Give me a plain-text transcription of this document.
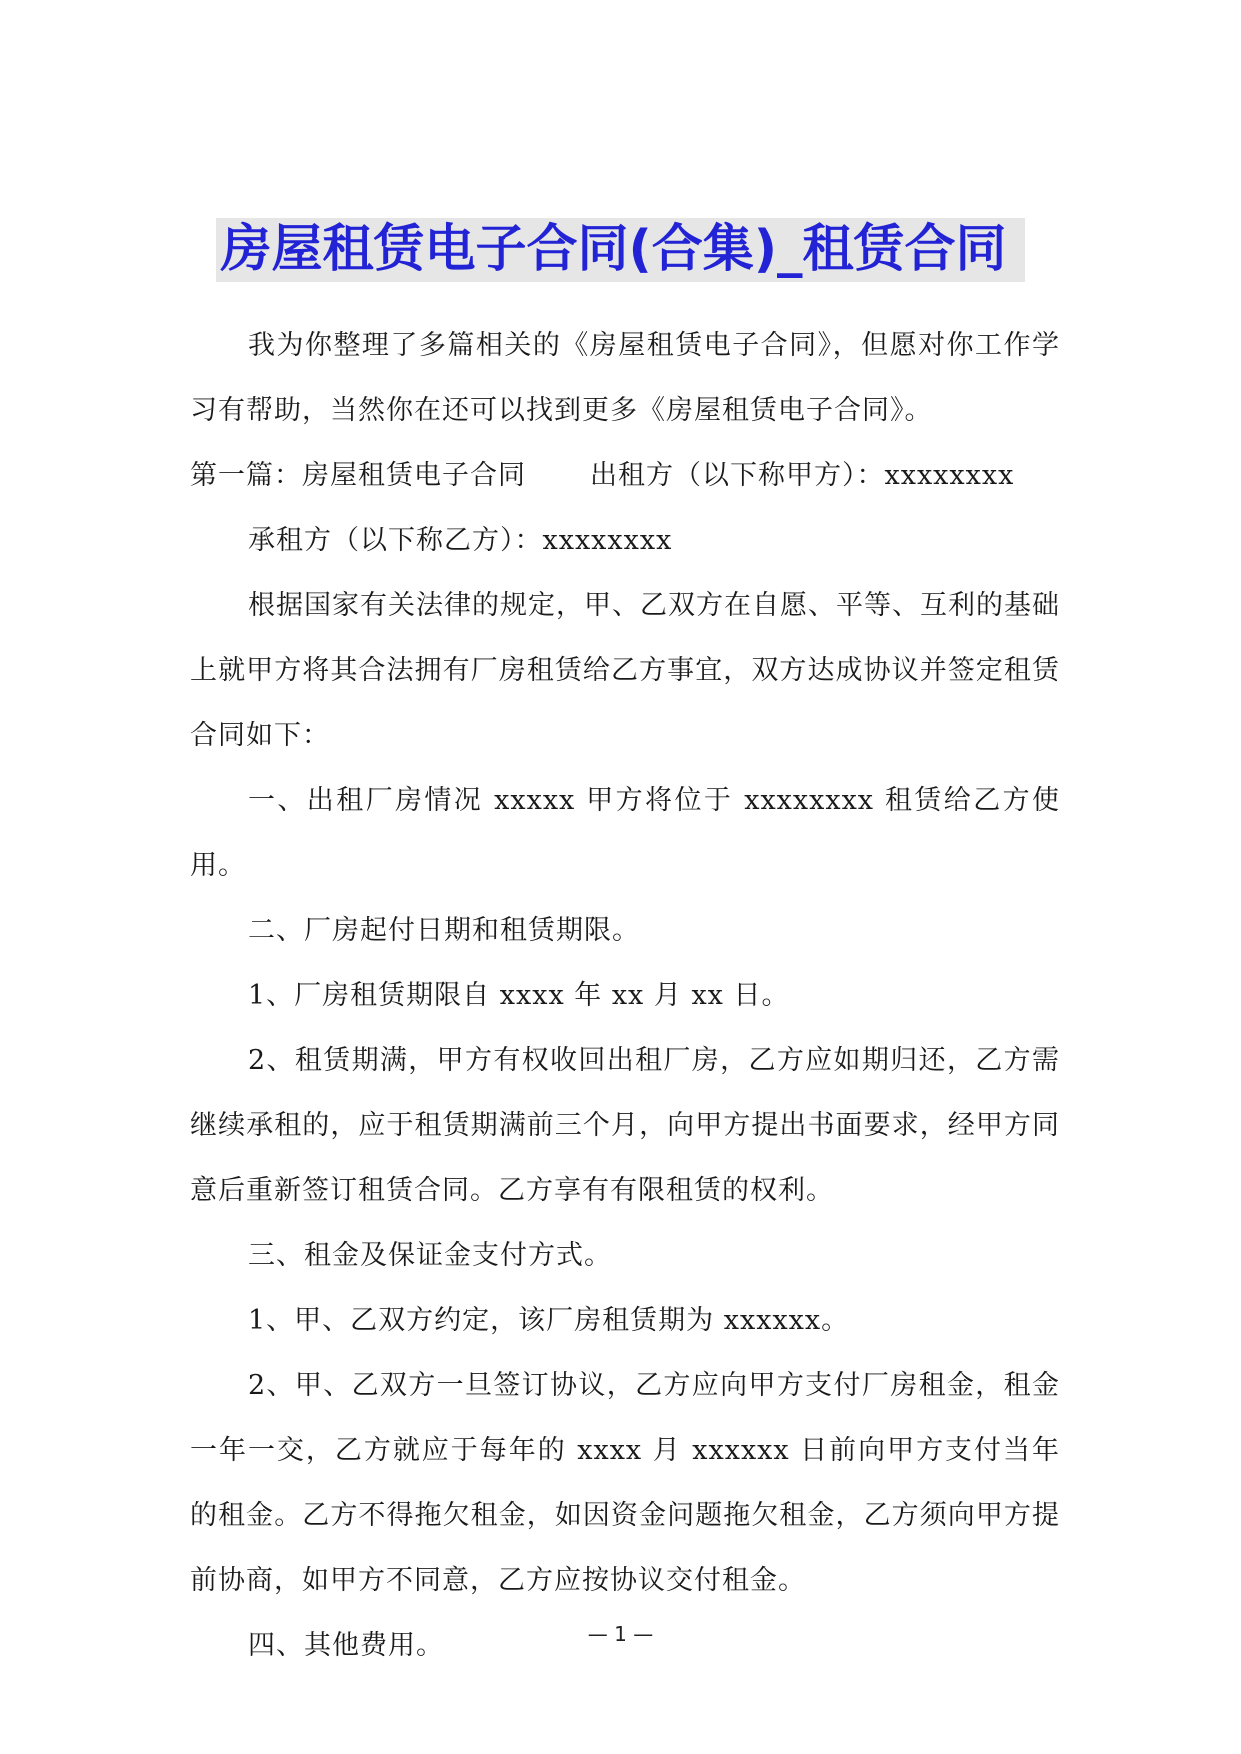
房屋租赁电子合同(合集)_租赁合同

我为你整理了多篇相关的《房屋租赁电子合同》，但愿对你工作学习有帮助，当然你在还可以找到更多《房屋租赁电子合同》。

第一篇：房屋租赁电子合同 出租方（以下称甲方）：xxxxxxxx

承租方（以下称乙方）：xxxxxxxx

根据国家有关法律的规定，甲、乙双方在自愿、平等、互利的基础上就甲方将其合法拥有厂房租赁给乙方事宜，双方达成协议并签定租赁合同如下：

一、出租厂房情况 xxxxx 甲方将位于 xxxxxxxx 租赁给乙方使用。

二、厂房起付日期和租赁期限。

1、厂房租赁期限自 xxxx 年 xx 月 xx 日。

2、租赁期满，甲方有权收回出租厂房，乙方应如期归还，乙方需继续承租的，应于租赁期满前三个月，向甲方提出书面要求，经甲方同意后重新签订租赁合同。乙方享有有限租赁的权利。

三、租金及保证金支付方式。

1、甲、乙双方约定，该厂房租赁期为 xxxxxx。

2、甲、乙双方一旦签订协议，乙方应向甲方支付厂房租金，租金一年一交，乙方就应于每年的 xxxx 月 xxxxxx 日前向甲方支付当年的租金。乙方不得拖欠租金，如因资金问题拖欠租金，乙方须向甲方提前协商，如甲方不同意，乙方应按协议交付租金。

四、其他费用。	— 1 —
